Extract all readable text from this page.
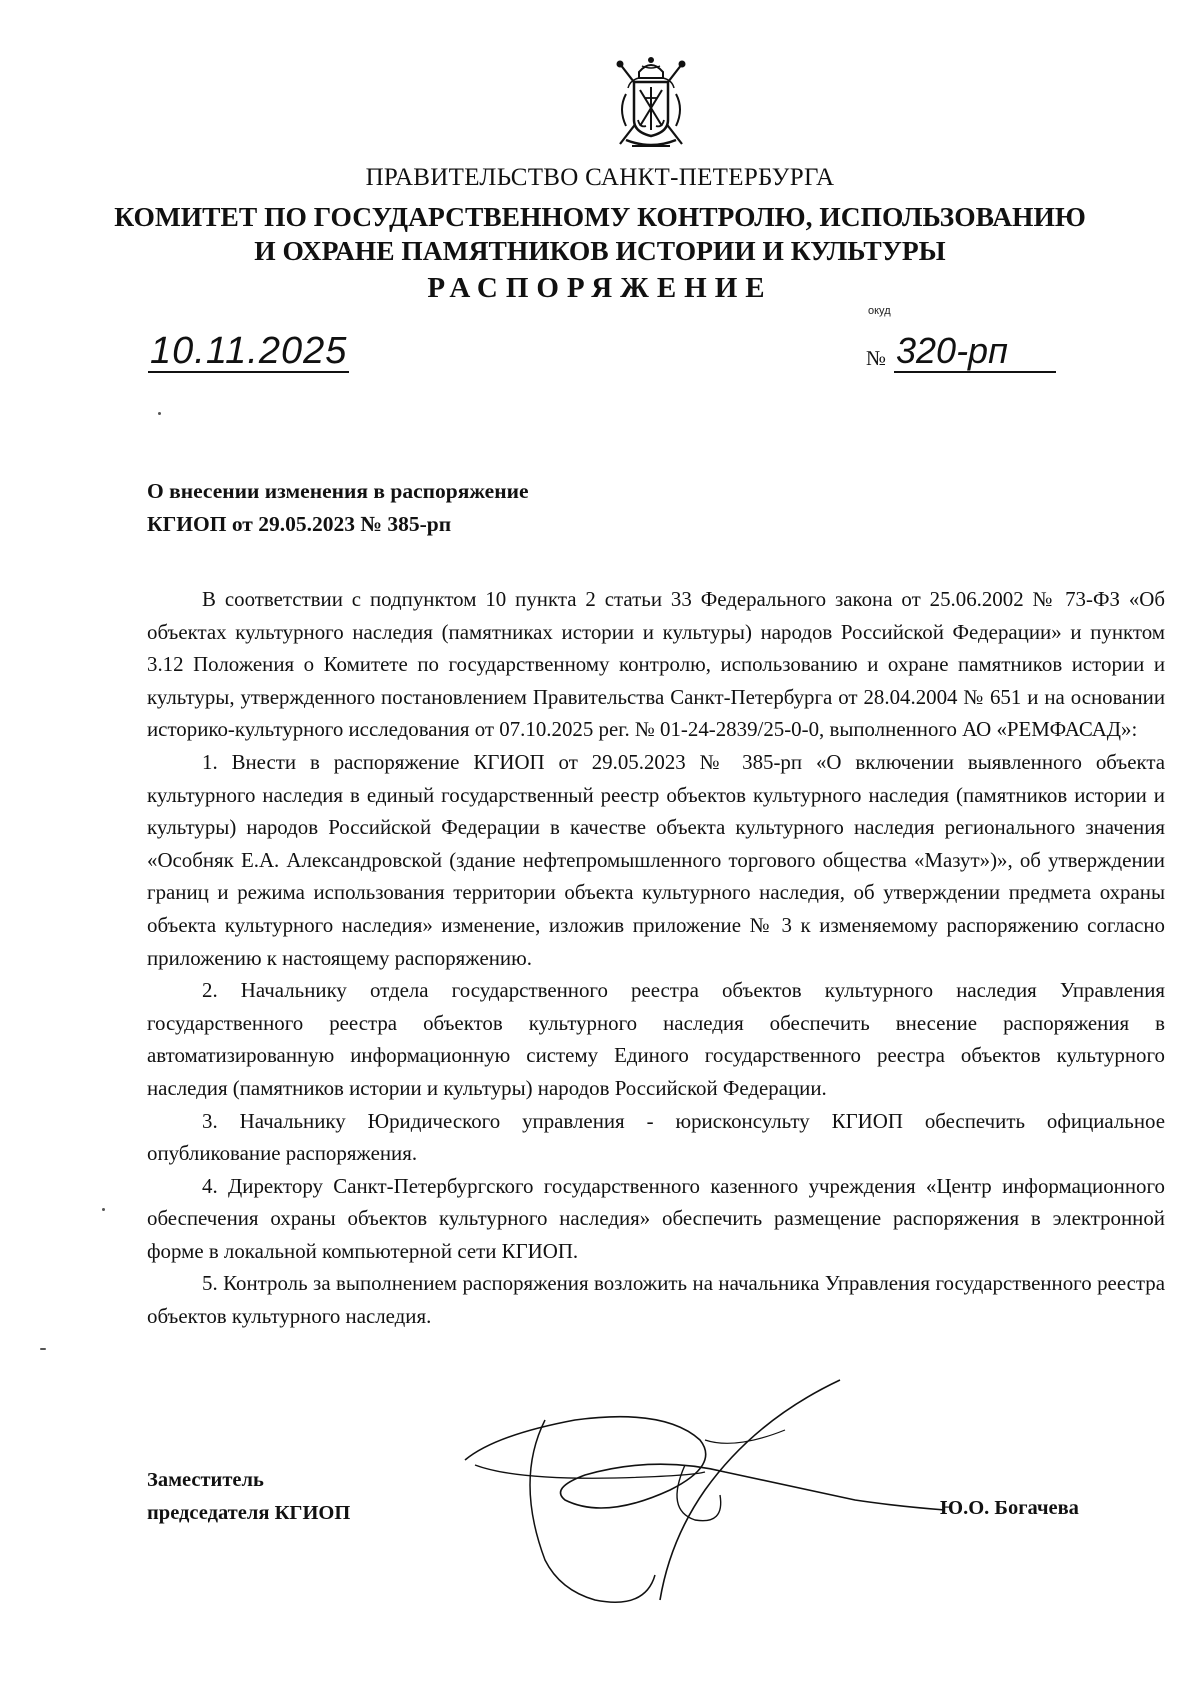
ПРАВИТЕЛЬСТВО САНКТ-ПЕТЕРБУРГА
КОМИТЕТ ПО ГОСУДАРСТВЕННОМУ КОНТРОЛЮ, ИСПОЛЬЗОВАНИЮ
И ОХРАНЕ ПАМЯТНИКОВ ИСТОРИИ И КУЛЬТУРЫ
РАСПОРЯЖЕНИЕ
окуд
10.11.2025	№ 320-рп
О внесении изменения в распоряжение
КГИОП от 29.05.2023 № 385-рп

В соответствии с подпунктом 10 пункта 2 статьи 33 Федерального закона от 25.06.2002 № 73-ФЗ «Об объектах культурного наследия (памятниках истории и культуры) народов Российской Федерации» и пунктом 3.12 Положения о Комитете по государственному контролю, использованию и охране памятников истории и культуры, утвержденного постановлением Правительства Санкт-Петербурга от 28.04.2004 № 651 и на основании историко-культурного исследования от 07.10.2025 рег. № 01-24-2839/25-0-0, выполненного АО «РЕМФАСАД»:

1. Внести в распоряжение КГИОП от 29.05.2023 № 385-рп «О включении выявленного объекта культурного наследия в единый государственный реестр объектов культурного наследия (памятников истории и культуры) народов Российской Федерации в качестве объекта культурного наследия регионального значения «Особняк Е.А. Александровской (здание нефтепромышленного торгового общества «Мазут»)», об утверждении границ и режима использования территории объекта культурного наследия, об утверждении предмета охраны объекта культурного наследия» изменение, изложив приложение № 3 к изменяемому распоряжению согласно приложению к настоящему распоряжению.

2. Начальнику отдела государственного реестра объектов культурного наследия Управления государственного реестра объектов культурного наследия обеспечить внесение распоряжения в автоматизированную информационную систему Единого государственного реестра объектов культурного наследия (памятников истории и культуры) народов Российской Федерации.

3. Начальнику Юридического управления - юрисконсульту КГИОП обеспечить официальное опубликование распоряжения.

4. Директору Санкт-Петербургского государственного казенного учреждения «Центр информационного обеспечения охраны объектов культурного наследия» обеспечить размещение распоряжения в электронной форме в локальной компьютерной сети КГИОП.

5. Контроль за выполнением распоряжения возложить на начальника Управления государственного реестра объектов культурного наследия.

Заместитель
председателя КГИОП	Ю.О. Богачева
